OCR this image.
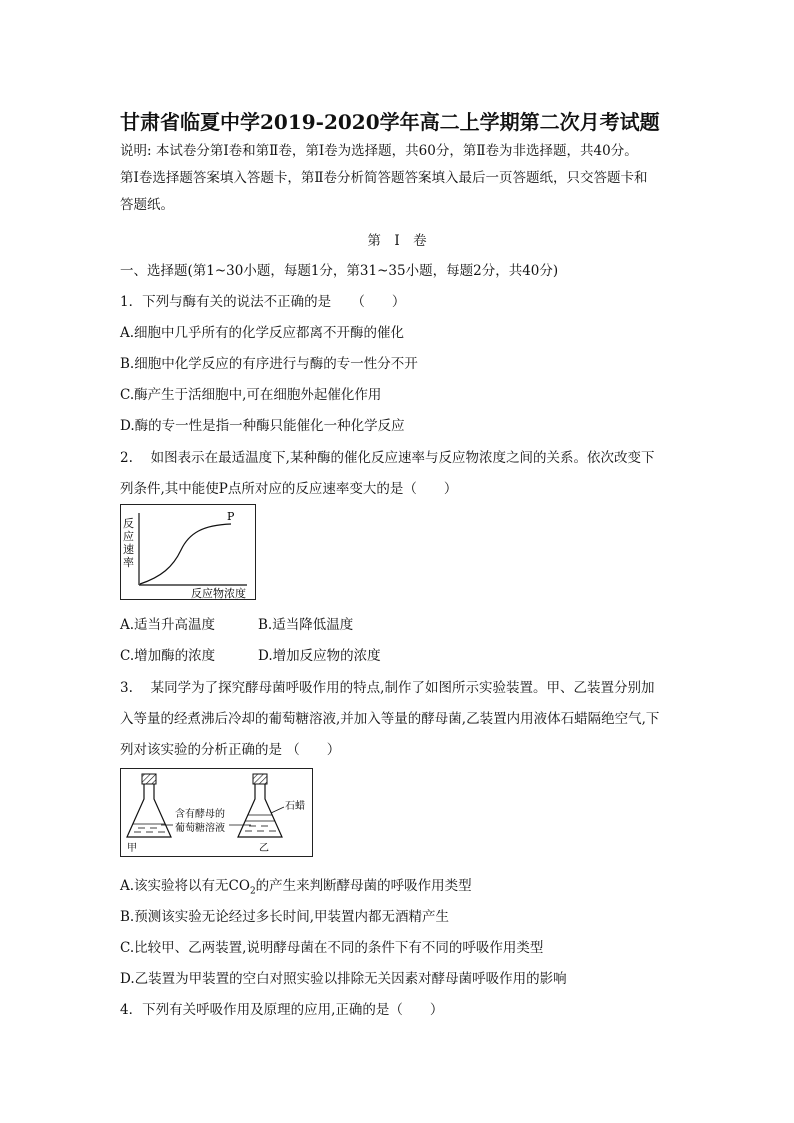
甘肃省临夏中学2019-2020学年高二上学期第二次月考试题
说明: 本试卷分第Ⅰ卷和第Ⅱ卷，第Ⅰ卷为选择题，共60分，第Ⅱ卷为非选择题，共40分。
第Ⅰ卷选择题答案填入答题卡，第Ⅱ卷分析简答题答案填入最后一页答题纸，只交答题卡和
答题纸。
第　Ⅰ　卷
一、选择题(第1~30小题，每题1分，第31~35小题，每题2分，共40分)
1．下列与酶有关的说法不正确的是　　（　　）
A.细胞中几乎所有的化学反应都离不开酶的催化
B.细胞中化学反应的有序进行与酶的专一性分不开
C.酶产生于活细胞中,可在细胞外起催化作用
D.酶的专一性是指一种酶只能催化一种化学反应
2.　 如图表示在最适温度下,某种酶的催化反应速率与反应物浓度之间的关系。依次改变下
列条件,其中能使P点所对应的反应速率变大的是（　　）
反
应
速
率
P
反应物浓度
A.适当升高温度	B.适当降低温度
C.增加酶的浓度	D.增加反应物的浓度
3.　 某同学为了探究酵母菌呼吸作用的特点,制作了如图所示实验装置。甲、乙装置分别加
入等量的经煮沸后冷却的葡萄糖溶液,并加入等量的酵母菌,乙装置内用液体石蜡隔绝空气,下
列对该实验的分析正确的是 （　　）
甲	乙
含有酵母的
葡萄糖溶液
石蜡
A.该实验将以有无$CO_2$的产生来判断酵母菌的呼吸作用类型
B.预测该实验无论经过多长时间,甲装置内都无酒精产生
C.比较甲、乙两装置,说明酵母菌在不同的条件下有不同的呼吸作用类型
D.乙装置为甲装置的空白对照实验以排除无关因素对酵母菌呼吸作用的影响
4．下列有关呼吸作用及原理的应用,正确的是（　　）
